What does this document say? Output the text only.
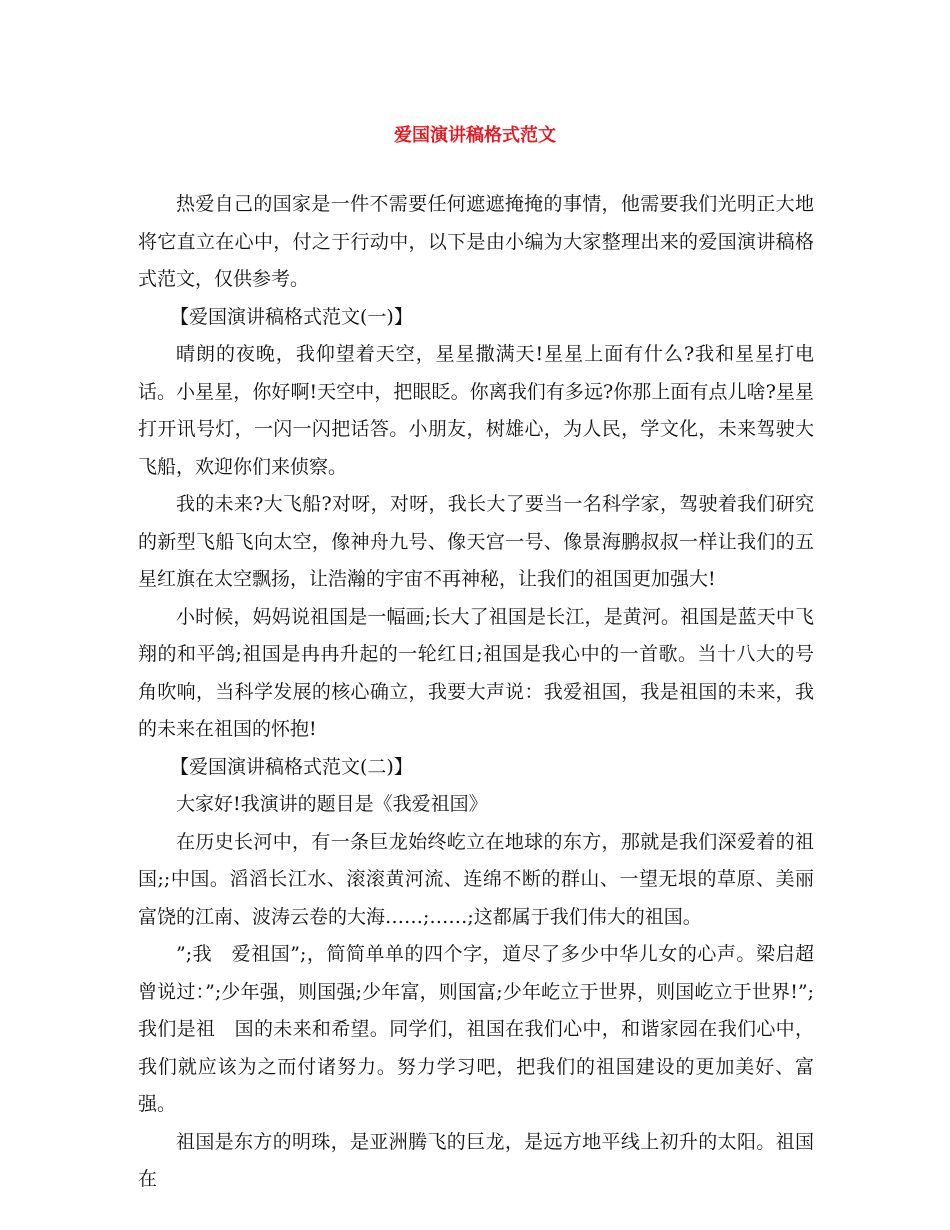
爱国演讲稿格式范文

热爱自己的国家是一件不需要任何遮遮掩掩的事情，他需要我们光明正大地将它直立在心中，付之于行动中，以下是由小编为大家整理出来的爱国演讲稿格式范文，仅供参考。

【爱国演讲稿格式范文(一)】

晴朗的夜晚，我仰望着天空，星星撒满天!星星上面有什么?我和星星打电话。小星星，你好啊!天空中，把眼眨。你离我们有多远?你那上面有点儿啥?星星打开讯号灯，一闪一闪把话答。小朋友，树雄心，为人民，学文化，未来驾驶大飞船，欢迎你们来侦察。

我的未来?大飞船?对呀，对呀，我长大了要当一名科学家，驾驶着我们研究的新型飞船飞向太空，像神舟九号、像天宫一号、像景海鹏叔叔一样让我们的五星红旗在太空飘扬，让浩瀚的宇宙不再神秘，让我们的祖国更加强大!

小时候，妈妈说祖国是一幅画;长大了祖国是长江，是黄河。祖国是蓝天中飞翔的和平鸽;祖国是冉冉升起的一轮红日;祖国是我心中的一首歌。当十八大的号角吹响，当科学发展的核心确立，我要大声说：我爱祖国，我是祖国的未来，我的未来在祖国的怀抱!

【爱国演讲稿格式范文(二)】

大家好!我演讲的题目是《我爱祖国》

在历史长河中，有一条巨龙始终屹立在地球的东方，那就是我们深爱着的祖国;;中国。滔滔长江水、滚滚黄河流、连绵不断的群山、一望无垠的草原、美丽富饶的江南、波涛云卷的大海……;……;这都属于我们伟大的祖国。

”;我　爱祖国”;，简简单单的四个字，道尽了多少中华儿女的心声。梁启超曾说过：”;少年强，则国强;少年富，则国富;少年屹立于世界，则国屹立于世界!”;我们是祖　国的未来和希望。同学们，祖国在我们心中，和谐家园在我们心中，我们就应该为之而付诸努力。努力学习吧，把我们的祖国建设的更加美好、富强。

祖国是东方的明珠，是亚洲腾飞的巨龙，是远方地平线上初升的太阳。祖国在
